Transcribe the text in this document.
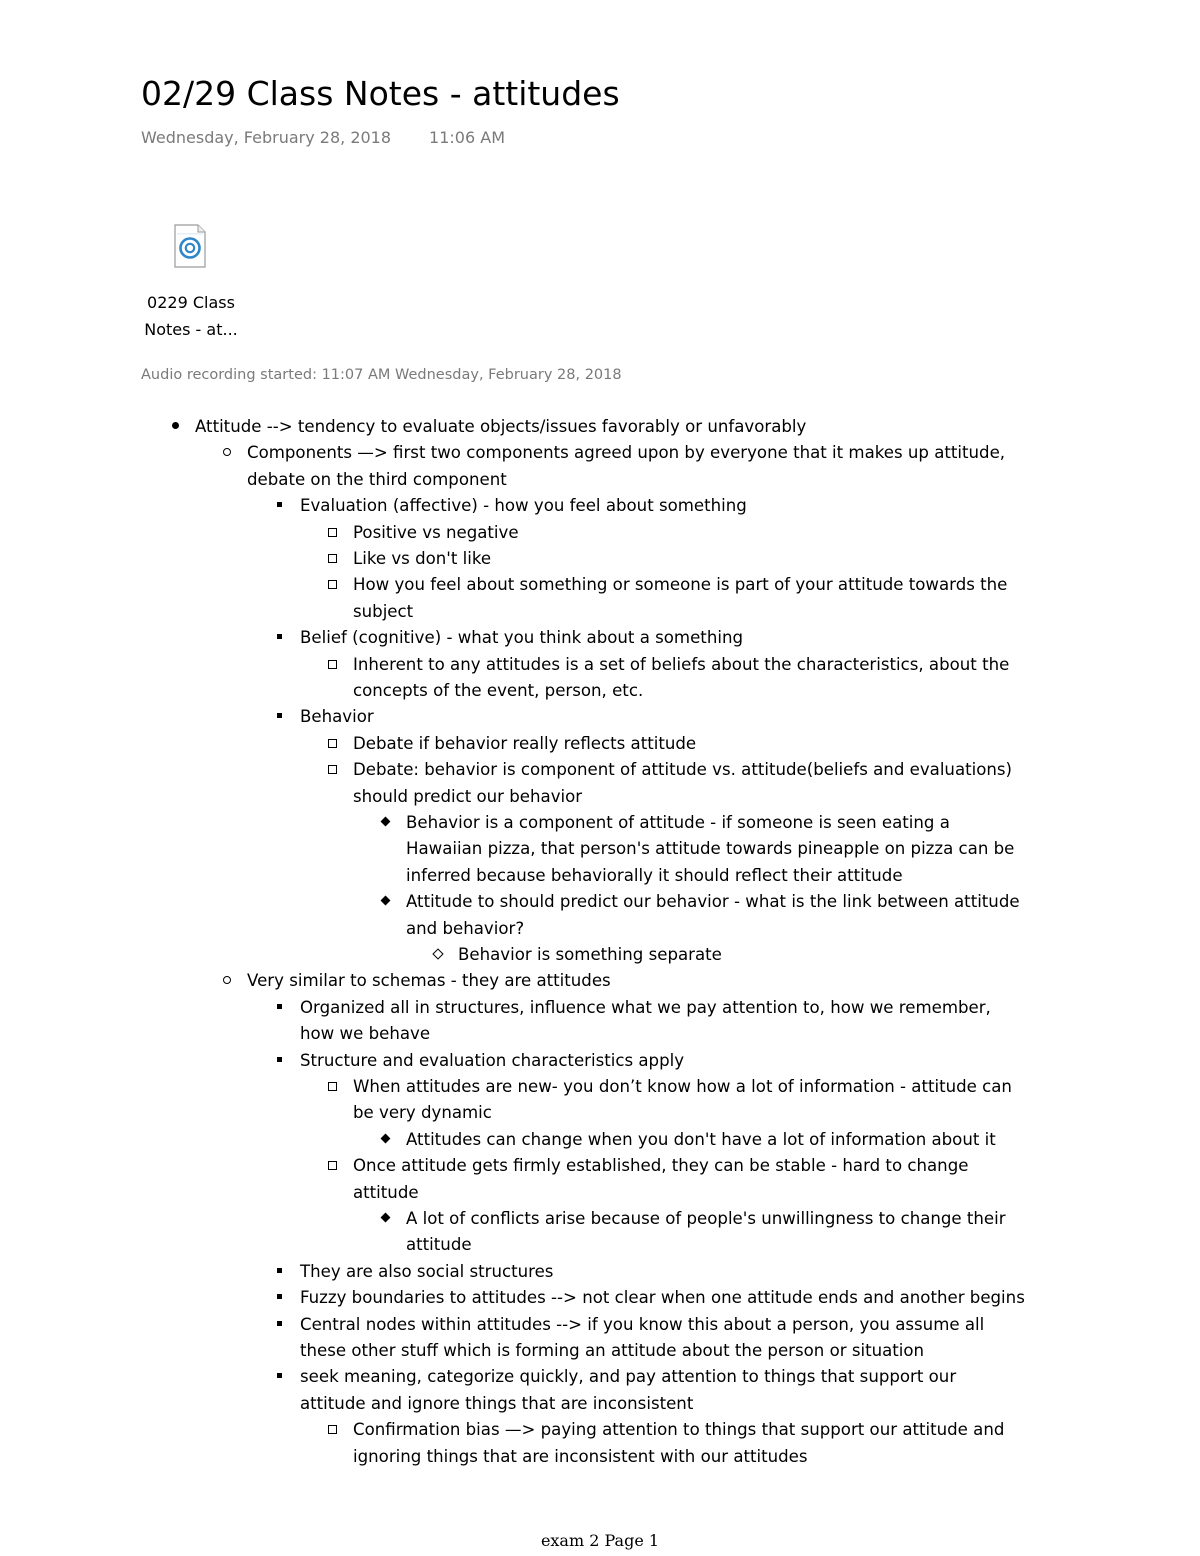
02/29 Class Notes - attitudes
Wednesday, February 28, 2018 11:06 AM
0229 Class
Notes - at...
Audio recording started: 11:07 AM Wednesday, February 28, 2018
Attitude --> tendency to evaluate objects/issues favorably or unfavorably
Components —> first two components agreed upon by everyone that it makes up attitude,
debate on the third component
Evaluation (affective) - how you feel about something
Positive vs negative
Like vs don't like
How you feel about something or someone is part of your attitude towards the
subject
Belief (cognitive) - what you think about a something
Inherent to any attitudes is a set of beliefs about the characteristics, about the
concepts of the event, person, etc.
Behavior
Debate if behavior really reflects attitude
Debate: behavior is component of attitude vs. attitude(beliefs and evaluations)
should predict our behavior
Behavior is a component of attitude - if someone is seen eating a
Hawaiian pizza, that person's attitude towards pineapple on pizza can be
inferred because behaviorally it should reflect their attitude
Attitude to should predict our behavior - what is the link between attitude
and behavior?
Behavior is something separate
Very similar to schemas - they are attitudes
Organized all in structures, influence what we pay attention to, how we remember,
how we behave
Structure and evaluation characteristics apply
When attitudes are new- you don’t know how a lot of information - attitude can
be very dynamic
Attitudes can change when you don't have a lot of information about it
Once attitude gets firmly established, they can be stable - hard to change
attitude
A lot of conflicts arise because of people's unwillingness to change their
attitude
They are also social structures
Fuzzy boundaries to attitudes --> not clear when one attitude ends and another begins
Central nodes within attitudes --> if you know this about a person, you assume all
these other stuff which is forming an attitude about the person or situation
seek meaning, categorize quickly, and pay attention to things that support our
attitude and ignore things that are inconsistent
Confirmation bias —> paying attention to things that support our attitude and
ignoring things that are inconsistent with our attitudes
exam 2 Page 1
